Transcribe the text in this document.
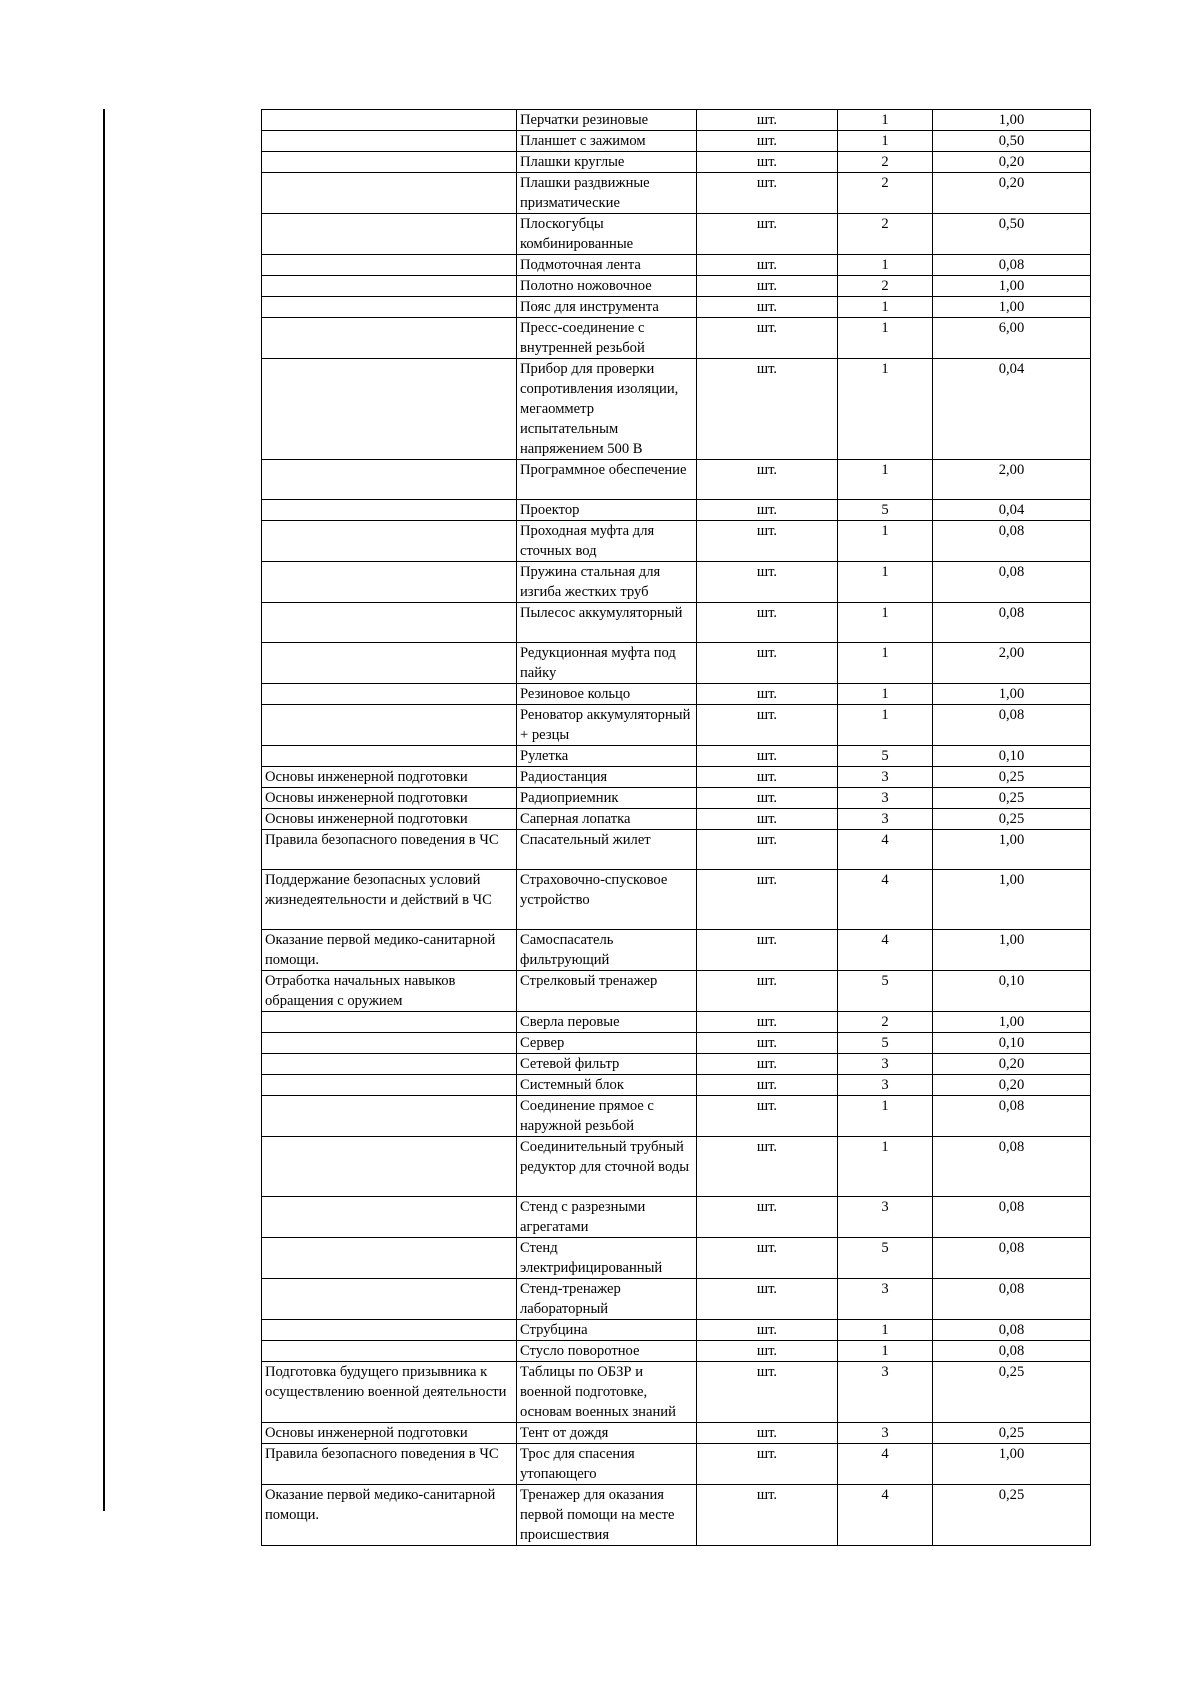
	Перчатки резиновые	шт.	1	1,00
	Планшет с зажимом	шт.	1	0,50
	Плашки круглые	шт.	2	0,20
	Плашки раздвижные призматические	шт.	2	0,20
	Плоскогубцы комбинированные	шт.	2	0,50
	Подмоточная лента	шт.	1	0,08
	Полотно ножовочное	шт.	2	1,00
	Пояс для инструмента	шт.	1	1,00
	Пресс-соединение с внутренней резьбой	шт.	1	6,00
	Прибор для проверки сопротивления изоляции, мегаомметр испытательным напряжением 500 В	шт.	1	0,04
	Программное обеспечение	шт.	1	2,00
	Проектор	шт.	5	0,04
	Проходная муфта для сточных вод	шт.	1	0,08
	Пружина стальная для изгиба жестких труб	шт.	1	0,08
	Пылесос аккумуляторный	шт.	1	0,08
	Редукционная муфта под пайку	шт.	1	2,00
	Резиновое кольцо	шт.	1	1,00
	Реноватор аккумуляторный + резцы	шт.	1	0,08
	Рулетка	шт.	5	0,10
Основы инженерной подготовки	Радиостанция	шт.	3	0,25
Основы инженерной подготовки	Радиоприемник	шт.	3	0,25
Основы инженерной подготовки	Саперная лопатка	шт.	3	0,25
Правила безопасного поведения в ЧС	Спасательный жилет	шт.	4	1,00
Поддержание безопасных условий жизнедеятельности и действий в ЧС	Страховочно-спусковое устройство	шт.	4	1,00
Оказание первой медико-санитарной помощи.	Самоспасатель фильтрующий	шт.	4	1,00
Отработка начальных навыков обращения с оружием	Стрелковый тренажер	шт.	5	0,10
	Сверла перовые	шт.	2	1,00
	Сервер	шт.	5	0,10
	Сетевой фильтр	шт.	3	0,20
	Системный блок	шт.	3	0,20
	Соединение прямое с наружной резьбой	шт.	1	0,08
	Соединительный трубный редуктор для сточной воды	шт.	1	0,08
	Стенд с разрезными агрегатами	шт.	3	0,08
	Стенд электрифицированный	шт.	5	0,08
	Стенд-тренажер лабораторный	шт.	3	0,08
	Струбцина	шт.	1	0,08
	Стусло поворотное	шт.	1	0,08
Подготовка будущего призывника к осуществлению военной деятельности	Таблицы по ОБЗР и военной подготовке, основам военных знаний	шт.	3	0,25
Основы инженерной подготовки	Тент от дождя	шт.	3	0,25
Правила безопасного поведения в ЧС	Трос для спасения утопающего	шт.	4	1,00
Оказание первой медико-санитарной помощи.	Тренажер для оказания первой помощи на месте происшествия	шт.	4	0,25
